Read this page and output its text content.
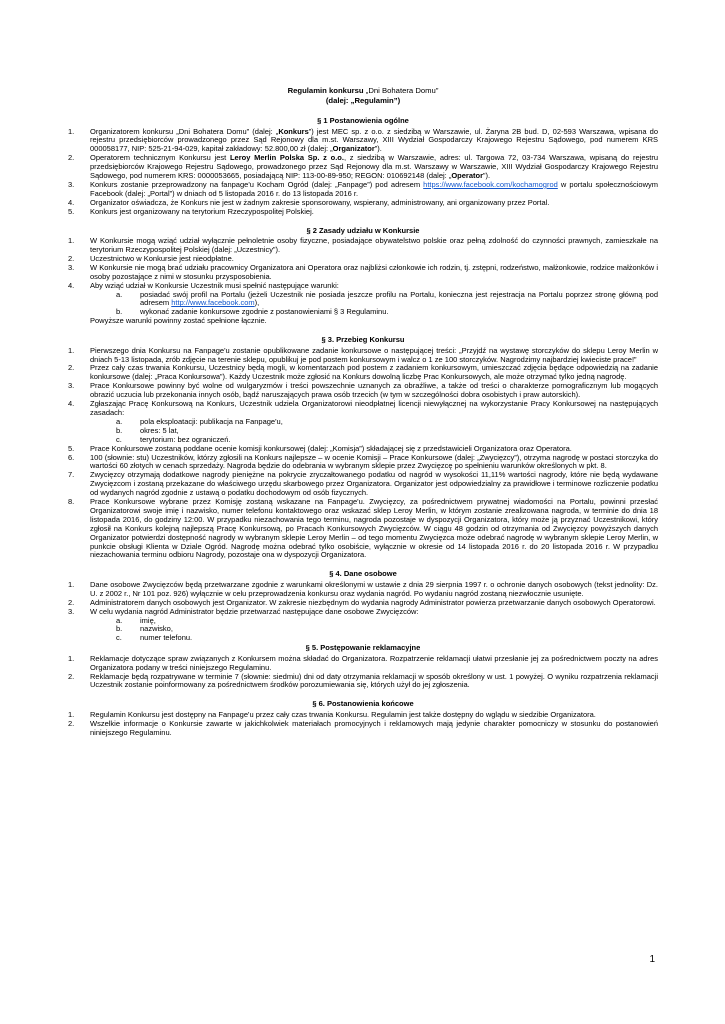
Regulamin konkursu „Dni Bohatera Domu”
(dalej: „Regulamin”)
§ 1 Postanowienia ogólne
1. Organizatorem konkursu „Dni Bohatera Domu” (dalej: „Konkurs”) jest MEC sp. z o.o. z siedzibą w Warszawie, ul. Żaryna 2B bud. D, 02-593 Warszawa, wpisana do rejestru przedsiębiorców prowadzonego przez Sąd Rejonowy dla m.st. Warszawy, XIII Wydział Gospodarczy Krajowego Rejestru Sądowego, pod numerem KRS 000058177, NIP: 525-21-94-029, kapitał zakładowy: 52.800,00 zł (dalej: „Organizator”).
2. Operatorem technicznym Konkursu jest Leroy Merlin Polska Sp. z o.o., z siedzibą w Warszawie, adres: ul. Targowa 72, 03-734 Warszawa, wpisaną do rejestru przedsiębiorców Krajowego Rejestru Sądowego, prowadzonego przez Sąd Rejonowy dla m.st. Warszawy w Warszawie, XIII Wydział Gospodarczy Krajowego Rejestru Sądowego, pod numerem KRS: 0000053665, posiadającą NIP: 113-00-89-950; REGON: 010692148 (dalej: „Operator”).
3. Konkurs zostanie przeprowadzony na fanpage'u Kocham Ogród (dalej: „Fanpage”) pod adresem https://www.facebook.com/kochamogrod w portalu społecznościowym Facebook (dalej: „Portal”) w dniach od 5 listopada 2016 r. do 13 listopada 2016 r.
4. Organizator oświadcza, że Konkurs nie jest w żadnym zakresie sponsorowany, wspierany, administrowany, ani organizowany przez Portal.
5. Konkurs jest organizowany na terytorium Rzeczypospolitej Polskiej.
§ 2 Zasady udziału w Konkursie
1. W Konkursie mogą wziąć udział wyłącznie pełnoletnie osoby fizyczne, posiadające obywatelstwo polskie oraz pełną zdolność do czynności prawnych, zamieszkałe na terytorium Rzeczypospolitej Polskiej (dalej: „Uczestnicy”).
2. Uczestnictwo w Konkursie jest nieodpłatne.
3. W Konkursie nie mogą brać udziału pracownicy Organizatora ani Operatora oraz najbliżsi członkowie ich rodzin, tj. zstępni, rodzeństwo, małżonkowie, rodzice małżonków i osoby pozostające z nimi w stosunku przysposobienia.
4. Aby wziąć udział w Konkursie Uczestnik musi spełnić następujące warunki:
a. posiadać swój profil na Portalu (jeżeli Uczestnik nie posiada jeszcze profilu na Portalu, konieczna jest rejestracja na Portalu poprzez stronę główną pod adresem http://www.facebook.com),
b. wykonać zadanie konkursowe zgodnie z postanowieniami § 3 Regulaminu.
Powyższe warunki powinny zostać spełnione łącznie.
§ 3. Przebieg Konkursu
1. Pierwszego dnia Konkursu na Fanpage'u zostanie opublikowane zadanie konkursowe o następującej treści: „Przyjdź na wystawę storczyków do sklepu Leroy Merlin w dniach 5-13 listopada, zrób zdjęcie na terenie sklepu, opublikuj je pod postem konkursowym i walcz o 1 ze 100 storczyków. Nagrodzimy najbardziej kwieciste prace!”
2. Przez cały czas trwania Konkursu, Uczestnicy będą mogli, w komentarzach pod postem z zadaniem konkursowym, umieszczać zdjęcia będące odpowiedzią na zadanie konkursowe (dalej: „Praca Konkursowa”). Każdy Uczestnik może zgłosić na Konkurs dowolną liczbę Prac Konkursowych, ale może otrzymać tylko jedną nagrodę.
3. Prace Konkursowe powinny być wolne od wulgaryzmów i treści powszechnie uznanych za obraźliwe, a także od treści o charakterze pornograficznym lub mogących obrazić uczucia lub przekonania innych osób, bądź naruszających prawa osób trzecich (w tym w szczególności dobra osobistych i praw autorskich).
4. Zgłaszając Pracę Konkursową na Konkurs, Uczestnik udziela Organizatorowi nieodpłatnej licencji niewyłącznej na wykorzystanie Pracy Konkursowej na następujących zasadach:
a. pola eksploatacji: publikacja na Fanpage'u,
b. okres: 5 lat,
c. terytorium: bez ograniczeń.
5. Prace Konkursowe zostaną poddane ocenie komisji konkursowej (dalej: „Komisja”) składającej się z przedstawicieli Organizatora oraz Operatora.
6. 100 (słownie: stu) Uczestników, którzy zgłosili na Konkurs najlepsze – w ocenie Komisji – Prace Konkursowe (dalej: „Zwycięzcy”), otrzyma nagrodę w postaci storczyka do wartości 60 złotych w cenach sprzedaży. Nagroda będzie do odebrania w wybranym sklepie przez Zwycięzcę po spełnieniu warunków określonych w pkt. 8.
7. Zwycięzcy otrzymają dodatkowe nagrody pieniężne na pokrycie zryczałtowanego podatku od nagród w wysokości 11,11% wartości nagrody, które nie będą wydawane Zwycięzcom i zostaną przekazane do właściwego urzędu skarbowego przez Organizatora. Organizator jest odpowiedzialny za prawidłowe i terminowe rozliczenie podatku od wydanych nagród zgodnie z ustawą o podatku dochodowym od osób fizycznych.
8. Prace Konkursowe wybrane przez Komisję zostaną wskazane na Fanpage'u. Zwycięzcy, za pośrednictwem prywatnej wiadomości na Portalu, powinni przesłać Organizatorowi swoje imię i nazwisko, numer telefonu kontaktowego oraz wskazać sklep Leroy Merlin, w którym zostanie zrealizowana nagroda, w terminie do dnia 18 listopada 2016, do godziny 12:00. W przypadku niezachowania tego terminu, nagroda pozostaje w dyspozycji Organizatora, który może ją przyznać Uczestnikowi, który zgłosił na Konkurs kolejną najlepszą Pracę Konkursową, po Pracach Konkursowych Zwycięzców. W ciągu 48 godzin od otrzymania od Zwycięzcy powyższych danych Organizator potwierdzi dostępność nagrody w wybranym sklepie Leroy Merlin – od tego momentu Zwycięzca może odebrać nagrodę w wybranym sklepie Leroy Merlin, w punkcie obsługi Klienta w Dziale Ogród. Nagrodę można odebrać tylko osobiście, wyłącznie w okresie od 14 listopada 2016 r. do 20 listopada 2016 r. W przypadku niezachowania terminu odbioru Nagrody, pozostaje ona w dyspozycji Organizatora.
§ 4. Dane osobowe
1. Dane osobowe Zwycięzców będą przetwarzane zgodnie z warunkami określonymi w ustawie z dnia 29 sierpnia 1997 r. o ochronie danych osobowych (tekst jednolity: Dz. U. z 2002 r., Nr 101 poz. 926) wyłącznie w celu przeprowadzenia konkursu oraz wydania nagród. Po wydaniu nagród zostaną niezwłocznie usunięte.
2. Administratorem danych osobowych jest Organizator. W zakresie niezbędnym do wydania nagrody Administrator powierza przetwarzanie danych osobowych Operatorowi.
3. W celu wydania nagród Administrator będzie przetwarzać następujące dane osobowe Zwycięzców:
a. imię,
b. nazwisko,
c. numer telefonu.
§ 5. Postępowanie reklamacyjne
1. Reklamacje dotyczące spraw związanych z Konkursem można składać do Organizatora. Rozpatrzenie reklamacji ułatwi przesłanie jej za pośrednictwem poczty na adres Organizatora podany w treści niniejszego Regulaminu.
2. Reklamacje będą rozpatrywane w terminie 7 (słownie: siedmiu) dni od daty otrzymania reklamacji w sposób określony w ust. 1 powyżej. O wyniku rozpatrzenia reklamacji Uczestnik zostanie poinformowany za pośrednictwem środków porozumiewania się, których użył do jej zgłoszenia.
§ 6. Postanowienia końcowe
1. Regulamin Konkursu jest dostępny na Fanpage'u przez cały czas trwania Konkursu. Regulamin jest także dostępny do wglądu w siedzibie Organizatora.
2. Wszelkie informacje o Konkursie zawarte w jakichkolwiek materiałach promocyjnych i reklamowych mają jedynie charakter pomocniczy w stosunku do postanowień niniejszego Regulaminu.
1
